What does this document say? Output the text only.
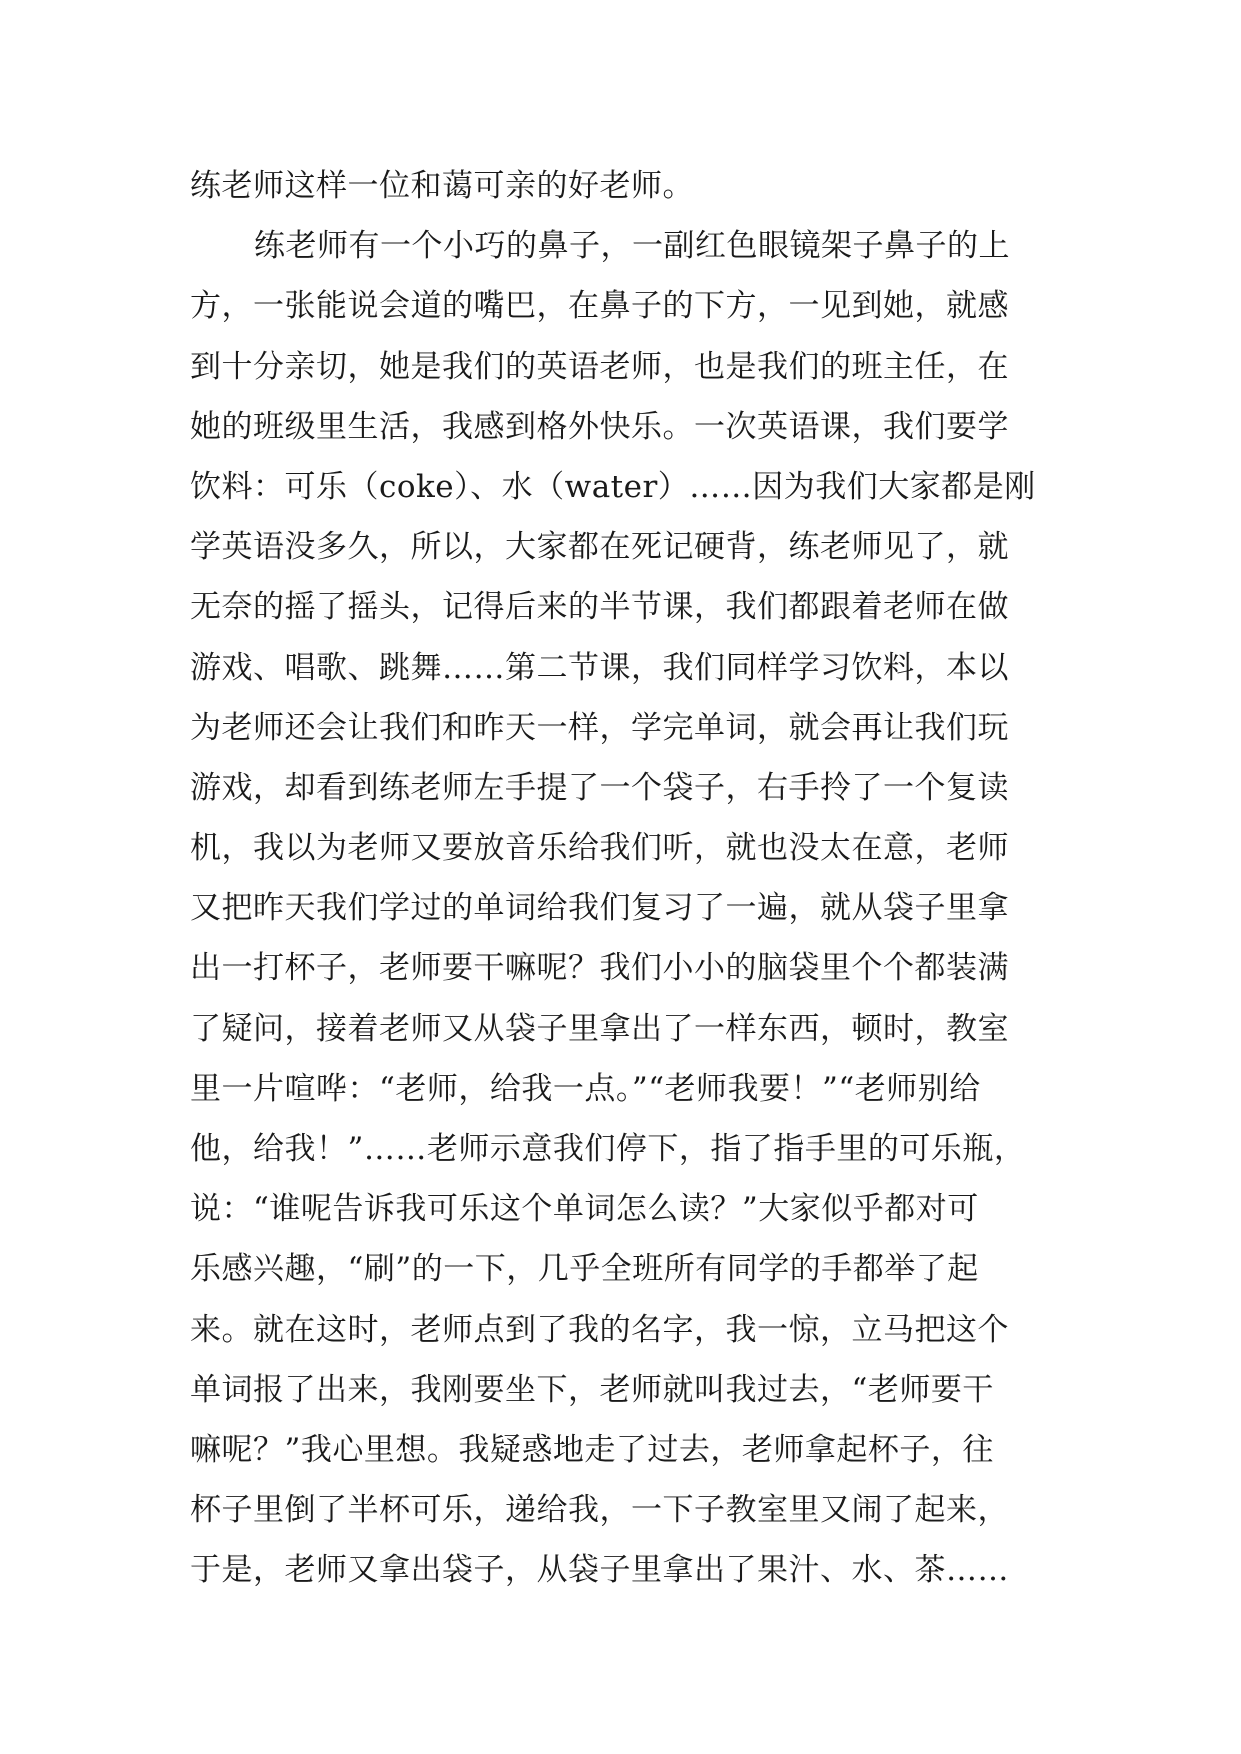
练老师这样一位和蔼可亲的好老师。
练老师有一个小巧的鼻子，一副红色眼镜架子鼻子的上
方，一张能说会道的嘴巴，在鼻子的下方，一见到她，就感
到十分亲切，她是我们的英语老师，也是我们的班主任，在
她的班级里生活，我感到格外快乐。一次英语课，我们要学
饮料：可乐（coke）、水（water）……因为我们大家都是刚
学英语没多久，所以，大家都在死记硬背，练老师见了，就
无奈的摇了摇头，记得后来的半节课，我们都跟着老师在做
游戏、唱歌、跳舞……第二节课，我们同样学习饮料，本以
为老师还会让我们和昨天一样，学完单词，就会再让我们玩
游戏，却看到练老师左手提了一个袋子，右手拎了一个复读
机，我以为老师又要放音乐给我们听，就也没太在意，老师
又把昨天我们学过的单词给我们复习了一遍，就从袋子里拿
出一打杯子，老师要干嘛呢？我们小小的脑袋里个个都装满
了疑问，接着老师又从袋子里拿出了一样东西，顿时，教室
里一片喧哗：“老师，给我一点。”“老师我要！”“老师别给
他，给我！”……老师示意我们停下，指了指手里的可乐瓶，
说：“谁呢告诉我可乐这个单词怎么读？”大家似乎都对可
乐感兴趣，“刷”的一下，几乎全班所有同学的手都举了起
来。就在这时，老师点到了我的名字，我一惊，立马把这个
单词报了出来，我刚要坐下，老师就叫我过去，“老师要干
嘛呢？”我心里想。我疑惑地走了过去，老师拿起杯子，往
杯子里倒了半杯可乐，递给我，一下子教室里又闹了起来，
于是，老师又拿出袋子，从袋子里拿出了果汁、水、茶……
